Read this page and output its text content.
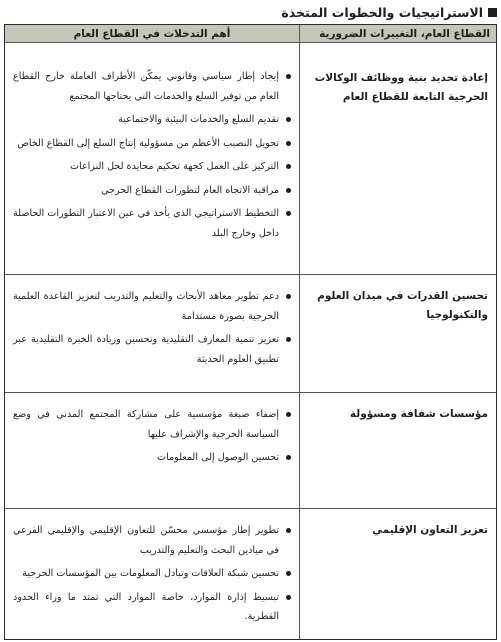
الاستراتيجيات والخطوات المتخذة
القطاع العام، التغييرات الضرورية
أهم التدخلات في القطاع العام
إعادة تحديد بنية ووظائف الوكالات الحرجية التابعة للقطاع العام
إيجاد إطار سياسي وقانوني يمكّن الأطراف العاملة خارج القطاع العام من توفير السلع والخدمات التي يحتاجها المجتمع
تقديم السلع والخدمات البيئية والاجتماعية
تحويل النصيب الأعظم من مسؤولية إنتاج السلع إلى القطاع الخاص
التركيز على العمل كجهة تحكيم محايدة لحل النزاعات
مراقبة الاتجاه العام لتطورات القطاع الحرجي
التخطيط الاستراتيجي الذي يأخذ في عين الاعتبار التطورات الحاصلة داخل وخارج البلد
تحسين القدرات في ميدان العلوم والتكنولوجيا
دعم تطوير معاهد الأبحاث والتعليم والتدريب لتعزيز القاعدة العلمية الحرجية بصورة مستدامة
تعزيز تنمية المعارف التقليدية وتحسين وزيادة الخبرة التقليدية عبر تطبيق العلوم الحديثة
مؤسسات شفافة ومسؤولة
إضفاء صبغة مؤسسية على مشاركة المجتمع المدني في وضع السياسة الحرجية والإشراف عليها
تحسين الوصول إلى المعلومات
تعزيز التعاون الإقليمي
تطوير إطار مؤسسي محسّن للتعاون الإقليمي والإقليمي الفرعي في ميادين البحث والتعليم والتدريب
تحسين شبكة العلاقات وتبادل المعلومات بين المؤسسات الحرجية
تبسيط إدارة الموارد، خاصة الموارد التي تمتد ما وراء الحدود القطرية.
